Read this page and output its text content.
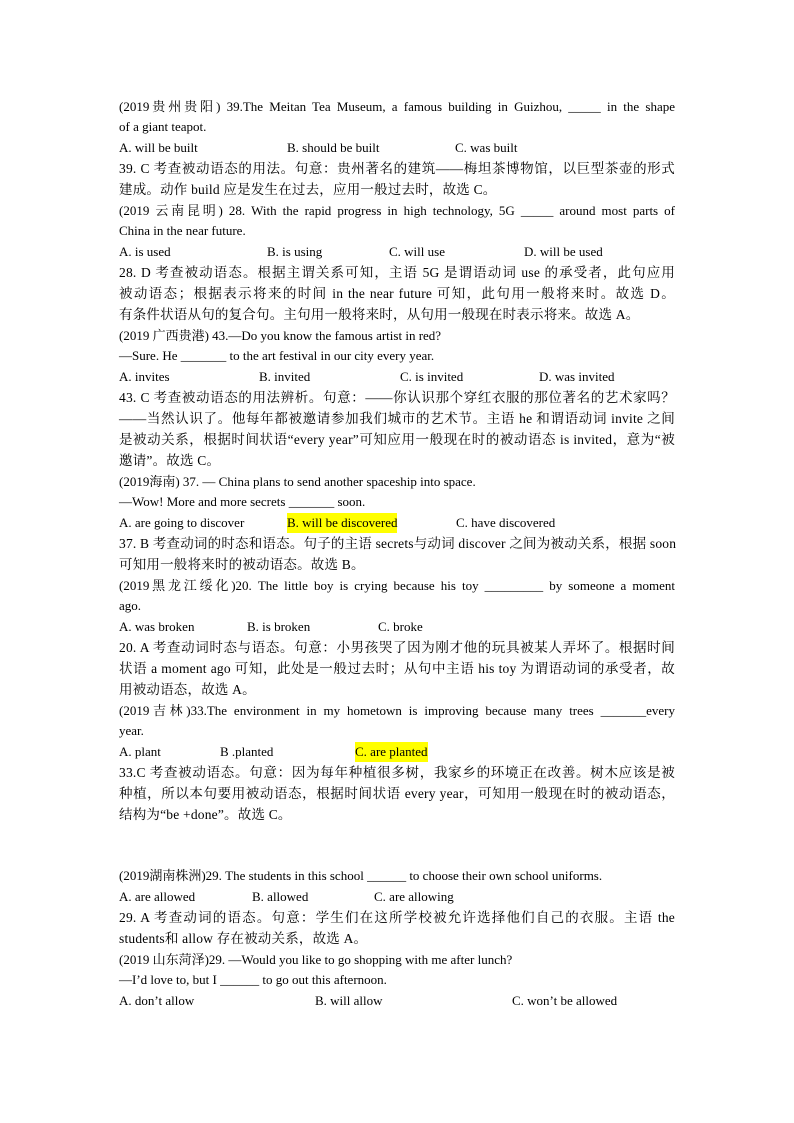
(2019贵州贵阳) 39.The Meitan Tea Museum, a famous building in Guizhou, _____ in the shape
of a giant teapot.
A. will be built	B. should be built	C. was built
39. C 考查被动语态的用法。句意：贵州著名的建筑——梅坦茶博物馆，以巨型茶壶的形式
建成。动作 build 应是发生在过去，应用一般过去时，故选 C。
(2019 云南昆明) 28. With the rapid progress in high technology, 5G _____ around most parts of
China in the near future.
A. is used	B. is using	C. will use	D. will be used
28. D 考查被动语态。根据主谓关系可知，主语 5G 是谓语动词 use 的承受者，此句应用
被动语态；根据表示将来的时间 in the near future 可知，此句用一般将来时。故选 D。
有条件状语从句的复合句。主句用一般将来时，从句用一般现在时表示将来。故选 A。
(2019 广西贵港) 43.—Do you know the famous artist in red?
—Sure. He _______ to the art festival in our city every year.
A. invites	B. invited	C. is invited	D. was invited
43. C 考查被动语态的用法辨析。句意：——你认识那个穿红衣服的那位著名的艺术家吗？
——当然认识了。他每年都被邀请参加我们城市的艺术节。主语 he 和谓语动词 invite 之间
是被动关系，根据时间状语“every year”可知应用一般现在时的被动语态 is invited，意为“被
邀请”。故选 C。
(2019海南) 37. — China plans to send another spaceship into space.
—Wow! More and more secrets _______ soon.
A. are going to discover	B. will be discovered	C. have discovered
37. B 考查动词的时态和语态。句子的主语 secrets与动词 discover 之间为被动关系，根据 soon
可知用一般将来时的被动语态。故选 B。
(2019黑龙江绥化)20. The little boy is crying because his toy _________ by someone a moment
ago.
A. was broken	B. is broken	C. broke
20. A 考查动词时态与语态。句意：小男孩哭了因为刚才他的玩具被某人弄坏了。根据时间
状语 a moment ago 可知，此处是一般过去时；从句中主语 his toy 为谓语动词的承受者，故
用被动语态，故选 A。
(2019吉林)33.The environment in my hometown is improving because many trees _______every
year.
A. plant	B .planted	C. are planted
33.C 考查被动语态。句意：因为每年种植很多树，我家乡的环境正在改善。树木应该是被
种植，所以本句要用被动语态，根据时间状语 every year，可知用一般现在时的被动语态，
结构为“be +done”。故选 C。
(2019湖南株洲)29. The students in this school ______ to choose their own school uniforms.
A. are allowed	B. allowed	C. are allowing
29. A 考查动词的语态。句意：学生们在这所学校被允许选择他们自己的衣服。主语 the
students和 allow 存在被动关系，故选 A。
(2019 山东菏泽)29. —Would you like to go shopping with me after lunch?
—I’d love to, but I ______ to go out this afternoon.
A. don’t allow	B. will allow	C. won’t be allowed
